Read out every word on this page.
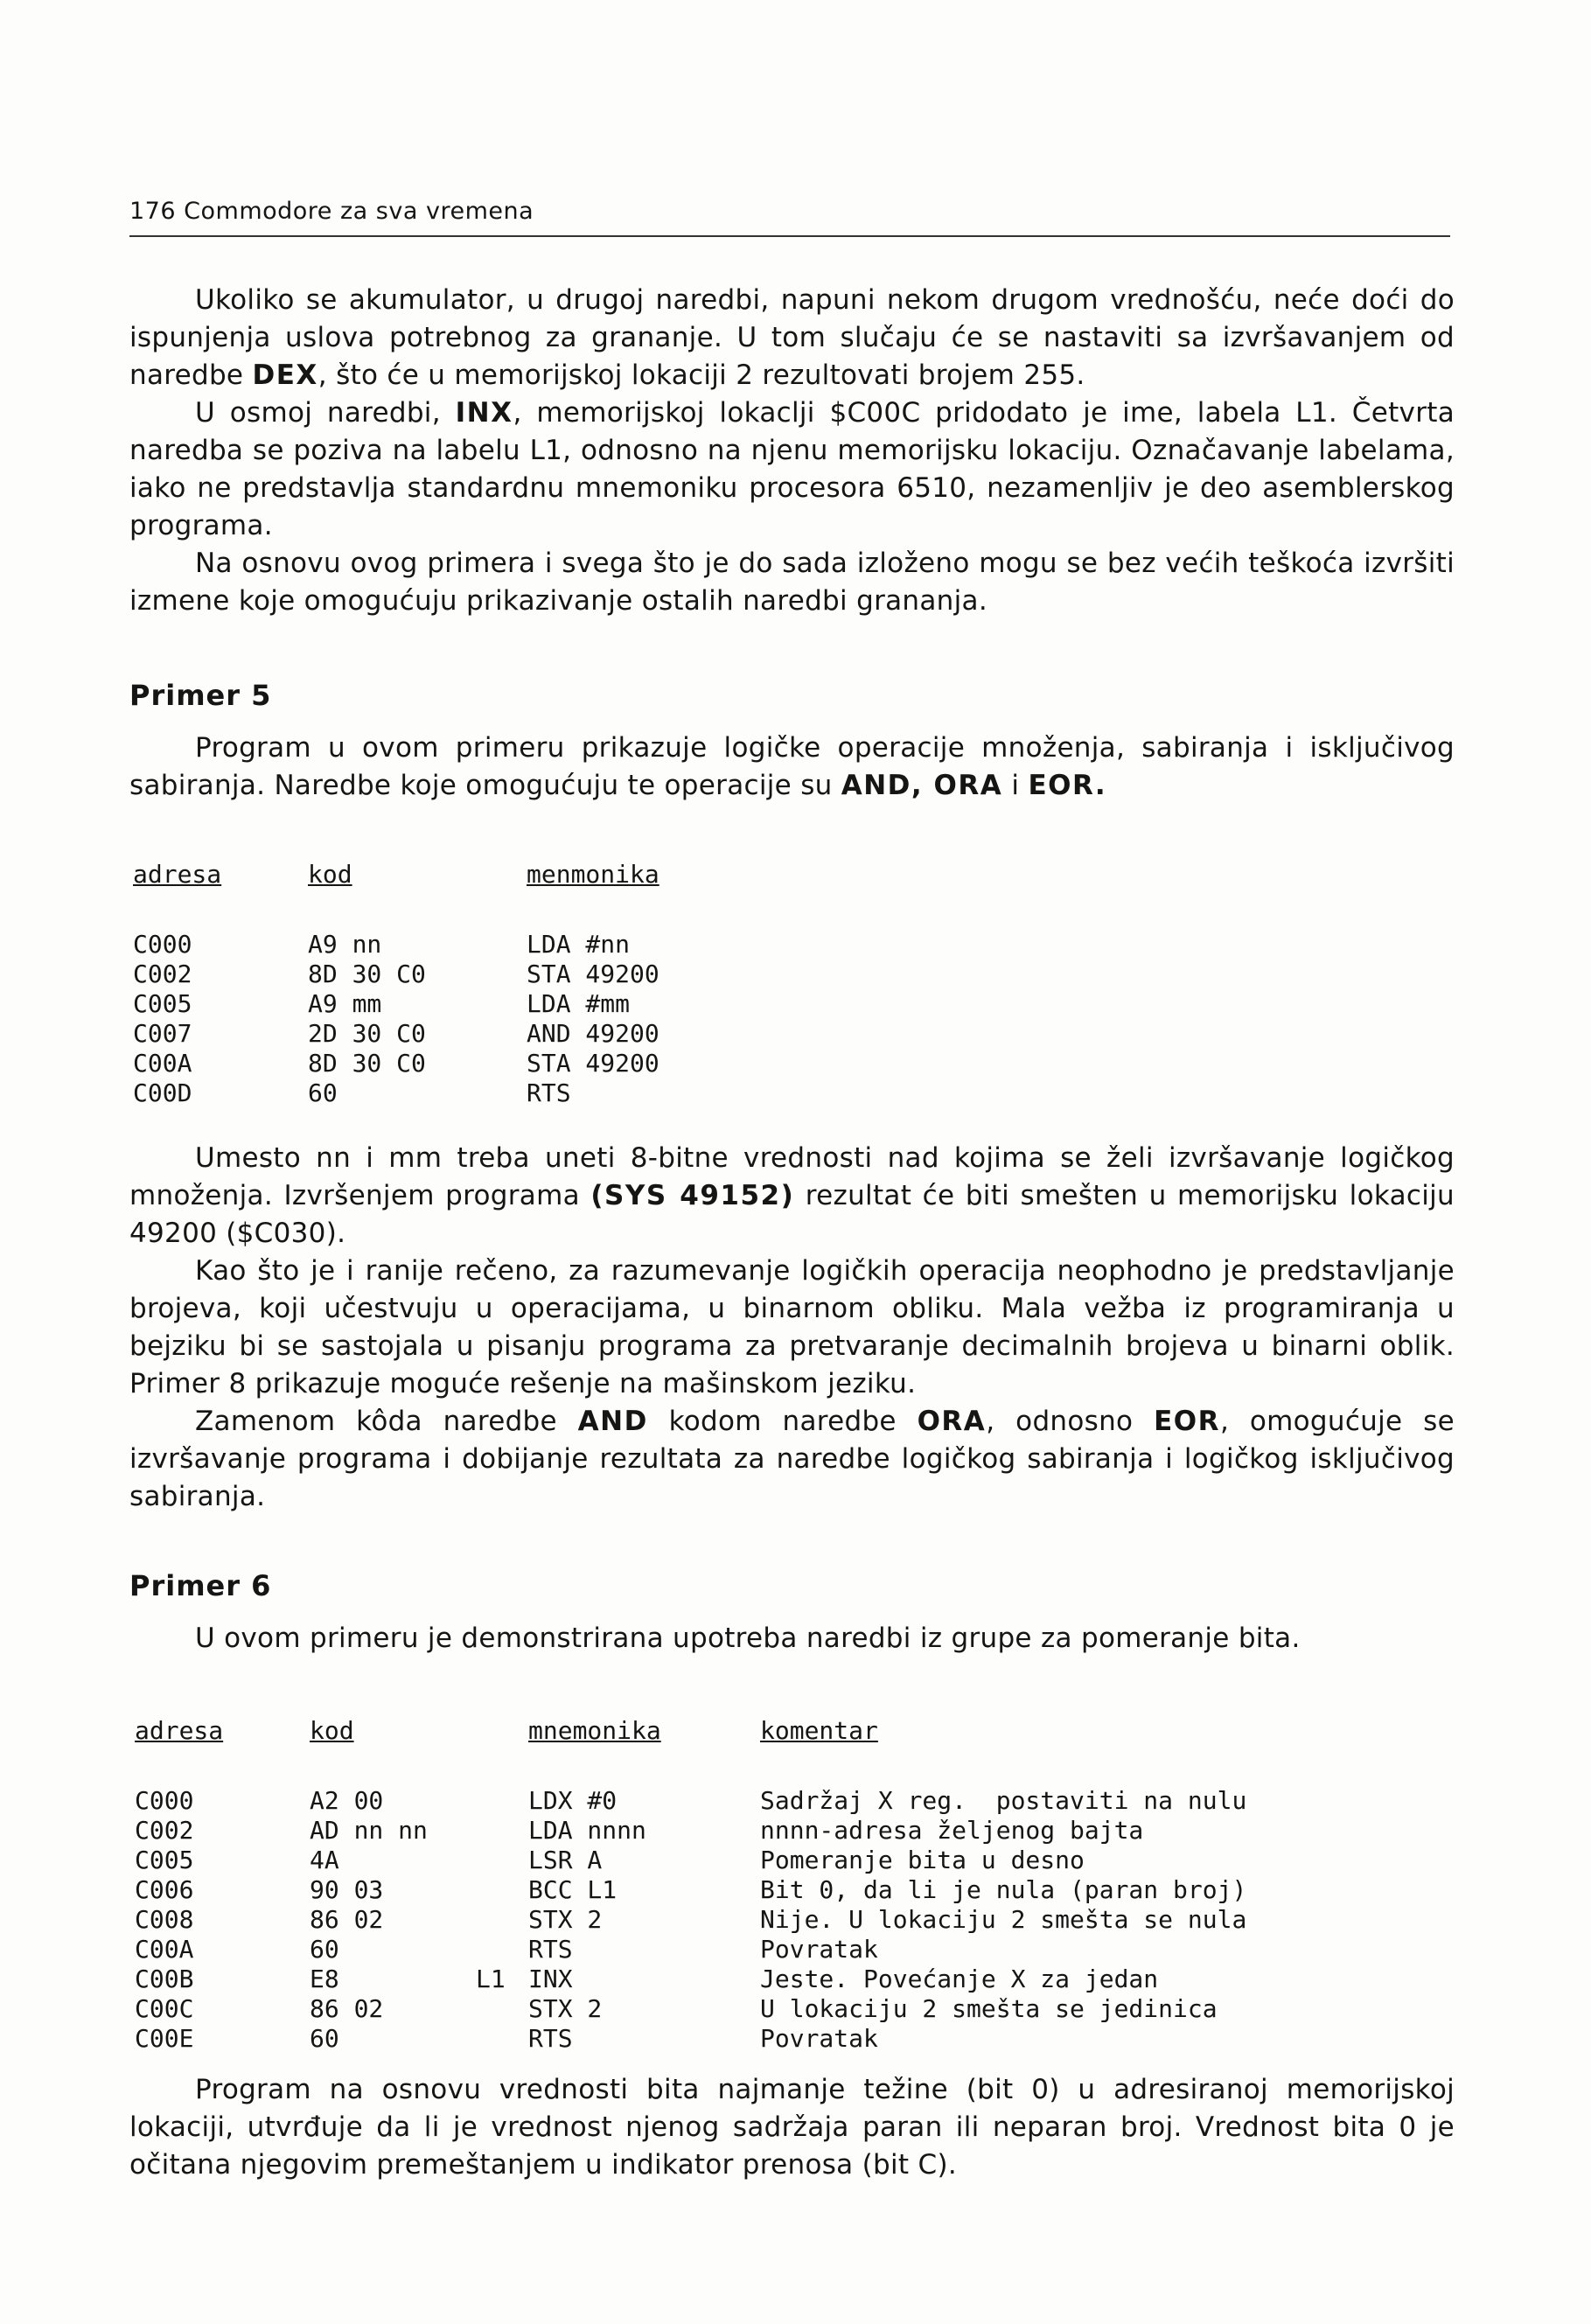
176 Commodore za sva vremena

Ukoliko se akumulator, u drugoj naredbi, napuni nekom drugom vrednošću, neće doći do ispunjenja uslova potrebnog za grananje. U tom slučaju će se nastaviti sa izvršavanjem od naredbe DEX, što će u memorijskoj lokaciji 2 rezultovati brojem 255.

U osmoj naredbi, INX, memorijskoj lokaclji $C00C pridodato je ime, labela L1. Četvrta naredba se poziva na labelu L1, odnosno na njenu memorijsku lokaciju. Označavanje labelama, iako ne predstavlja standardnu mnemoniku procesora 6510, nezamenljiv je deo asemblerskog programa.

Na osnovu ovog primera i svega što je do sada izloženo mogu se bez većih teškoća izvršiti izmene koje omogućuju prikazivanje ostalih naredbi grananja.

Primer 5

Program u ovom primeru prikazuje logičke operacije množenja, sabiranja i isključivog sabiranja. Naredbe koje omogućuju te operacije su AND, ORA i EOR.

adresa	kod	menmonika
C000	A9 nn	LDA #nn
C002	8D 30 C0	STA 49200
C005	A9 mm	LDA #mm
C007	2D 30 C0	AND 49200
C00A	8D 30 C0	STA 49200
C00D	60	RTS

Umesto nn i mm treba uneti 8-bitne vrednosti nad kojima se želi izvršavanje logičkog množenja. Izvršenjem programa (SYS 49152) rezultat će biti smešten u memorijsku lokaciju 49200 ($C030).

Kao što je i ranije rečeno, za razumevanje logičkih operacija neophodno je predstavljanje brojeva, koji učestvuju u operacijama, u binarnom obliku. Mala vežba iz programiranja u bejziku bi se sastojala u pisanju programa za pretvaranje decimalnih brojeva u binarni oblik. Primer 8 prikazuje moguće rešenje na mašinskom jeziku.

Zamenom kôda naredbe AND kodom naredbe ORA, odnosno EOR, omogućuje se izvršavanje programa i dobijanje rezultata za naredbe logičkog sabiranja i logičkog isključivog sabiranja.

Primer 6

U ovom primeru je demonstrirana upotreba naredbi iz grupe za pomeranje bita.

adresa	kod	mnemonika	komentar
C000	A2 00	LDX #0	Sadržaj X reg.  postaviti na nulu
C002	AD nn nn	LDA nnnn	nnnn-adresa željenog bajta
C005	4A	LSR A	Pomeranje bita u desno
C006	90 03	BCC L1	Bit 0, da li je nula (paran broj)
C008	86 02	STX 2	Nije. U lokaciju 2 smešta se nula
C00A	60	RTS	Povratak
C00B	E8	L1 INX	Jeste. Povećanje X za jedan
C00C	86 02	STX 2	U lokaciju 2 smešta se jedinica
C00E	60	RTS	Povratak

Program na osnovu vrednosti bita najmanje težine (bit 0) u adresiranoj memorijskoj lokaciji, utvrđuje da li je vrednost njenog sadržaja paran ili neparan broj. Vrednost bita 0 je očitana njegovim premeštanjem u indikator prenosa (bit C).
